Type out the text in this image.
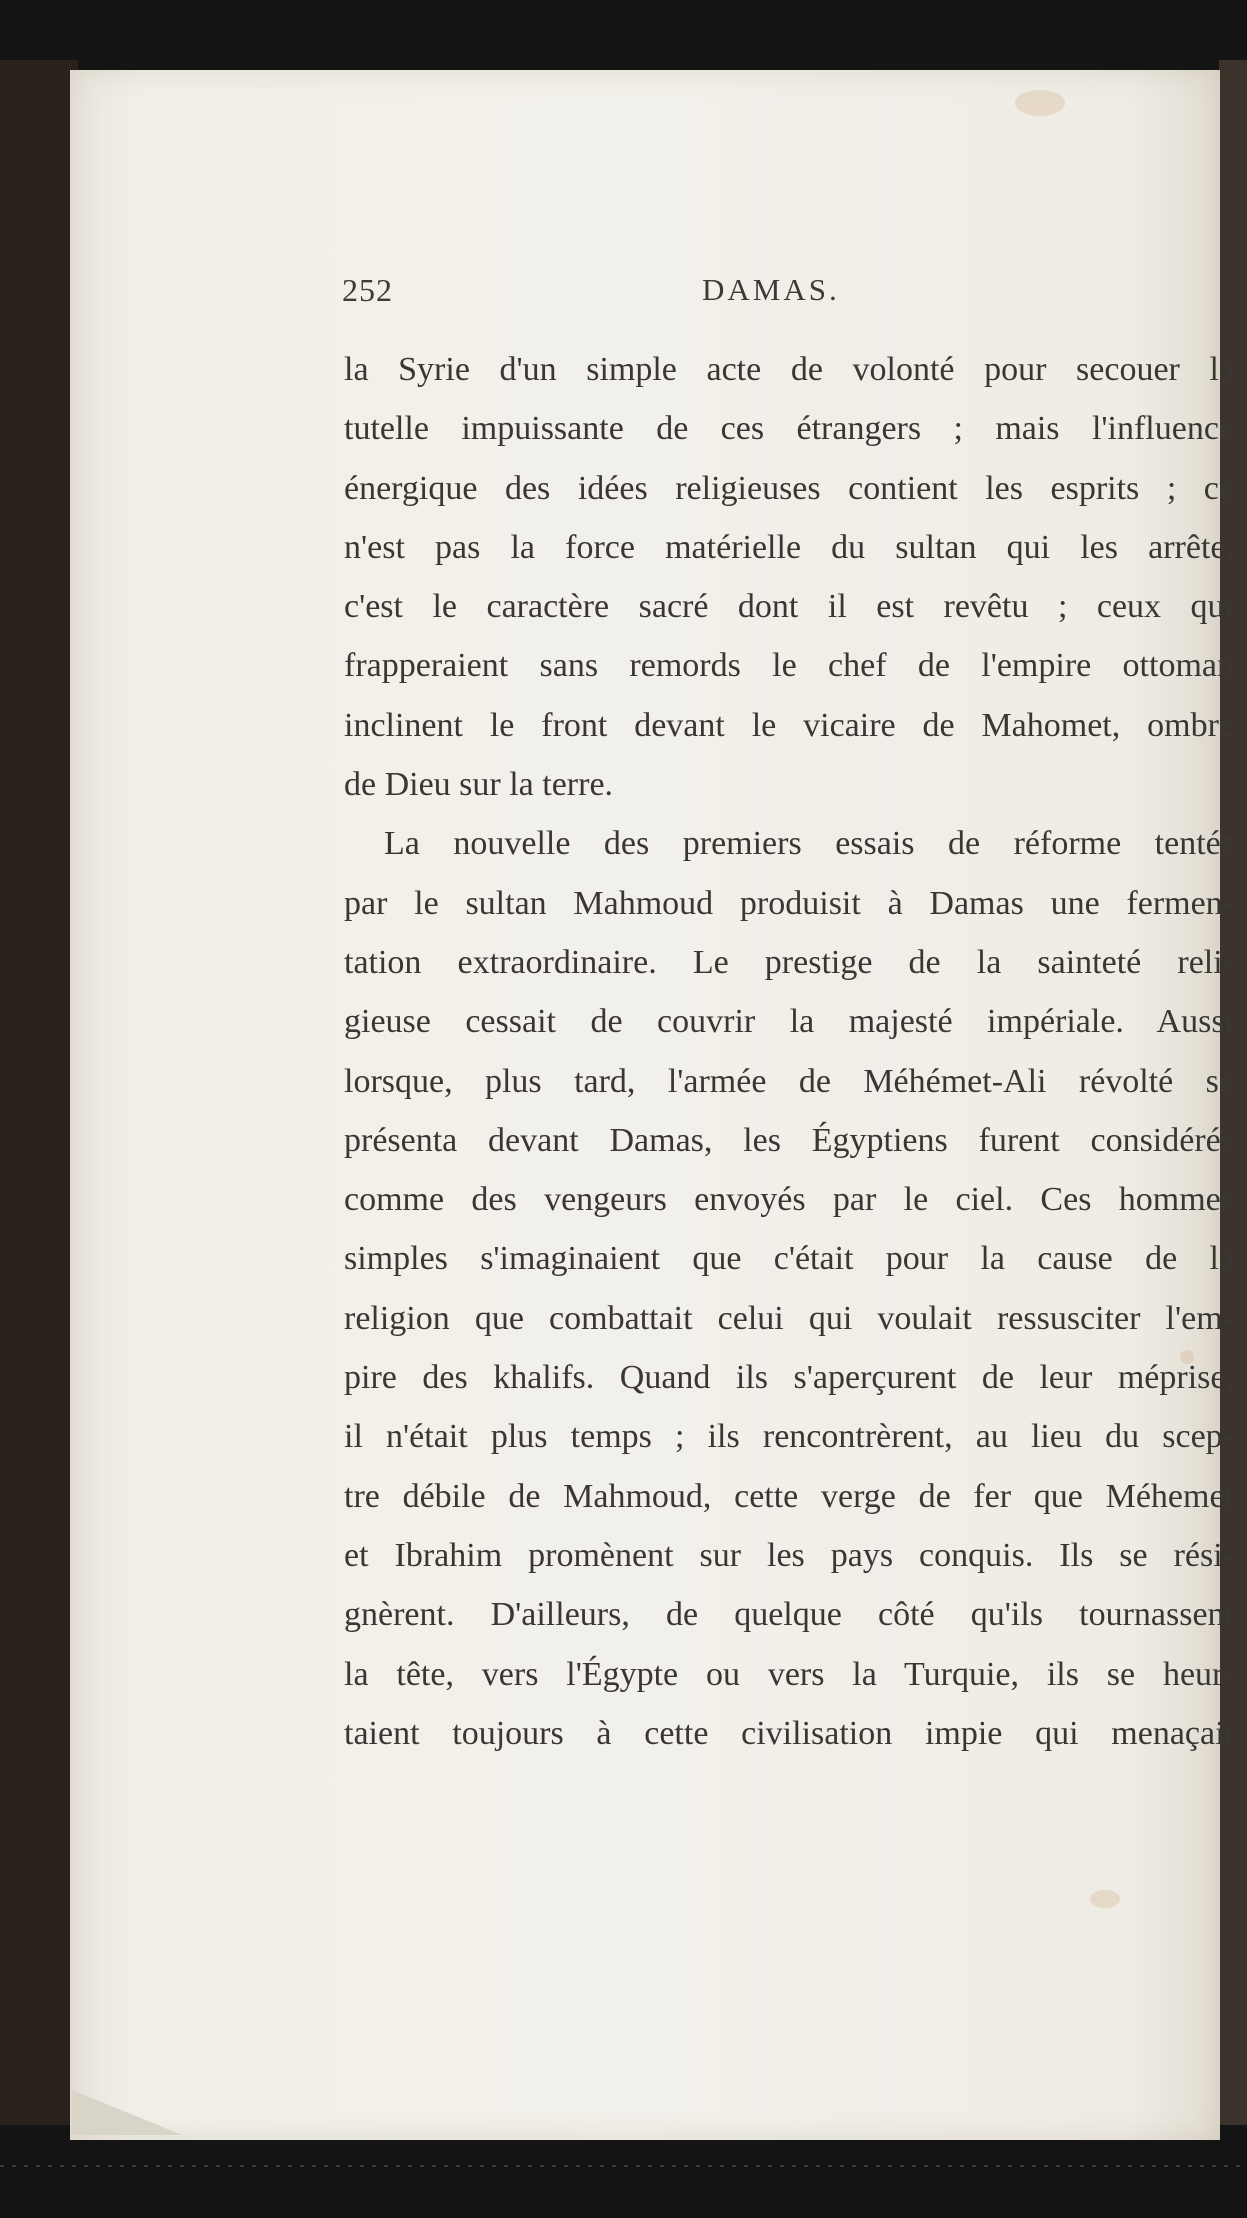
252	DAMAS.
la Syrie d'un simple acte de volonté pour secouer la
tutelle impuissante de ces étrangers ; mais l'influence
énergique des idées religieuses contient les esprits ; ce
n'est pas la force matérielle du sultan qui les arrête,
c'est le caractère sacré dont il est revêtu ; ceux qui
frapperaient sans remords le chef de l'empire ottoman
inclinent le front devant le vicaire de Mahomet, ombre
de Dieu sur la terre.
La nouvelle des premiers essais de réforme tentés
par le sultan Mahmoud produisit à Damas une fermen-
tation extraordinaire. Le prestige de la sainteté reli-
gieuse cessait de couvrir la majesté impériale. Aussi
lorsque, plus tard, l'armée de Méhémet-Ali révolté se
présenta devant Damas, les Égyptiens furent considérés
comme des vengeurs envoyés par le ciel. Ces hommes
simples s'imaginaient que c'était pour la cause de la
religion que combattait celui qui voulait ressusciter l'em-
pire des khalifs. Quand ils s'aperçurent de leur méprise,
il n'était plus temps ; ils rencontrèrent, au lieu du scep-
tre débile de Mahmoud, cette verge de fer que Méhemet
et Ibrahim promènent sur les pays conquis. Ils se rési-
gnèrent. D'ailleurs, de quelque côté qu'ils tournassent
la tête, vers l'Égypte ou vers la Turquie, ils se heur-
taient toujours à cette civilisation impie qui menaçait
